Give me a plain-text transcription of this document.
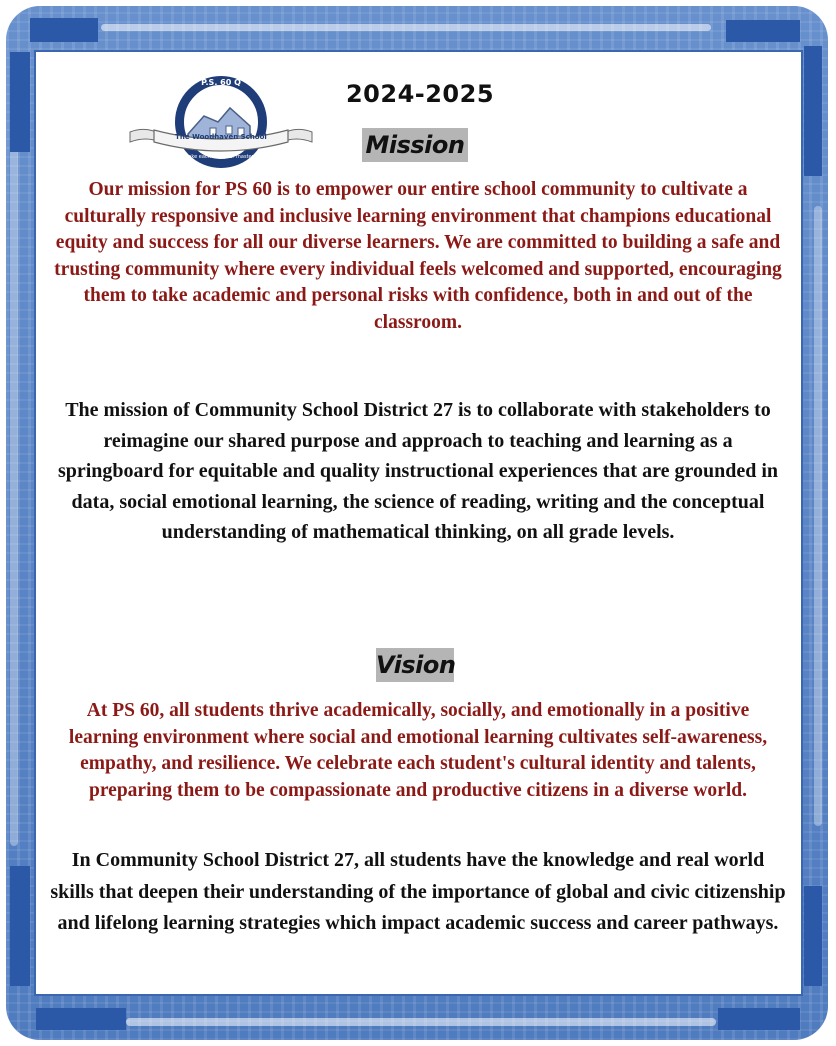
P.S. 60 Q
The Woodhaven School
Make each day your masterpiece
2024-2025
Mission

Our mission for PS 60 is to empower our entire school community to cultivate a culturally responsive and inclusive learning environment that champions educational equity and success for all our diverse learners. We are committed to building a safe and trusting community where every individual feels welcomed and supported, encouraging them to take academic and personal risks with confidence, both in and out of the classroom.

The mission of Community School District 27 is to collaborate with stakeholders to reimagine our shared purpose and approach to teaching and learning as a springboard for equitable and quality instructional experiences that are grounded in data, social emotional learning, the science of reading, writing and the conceptual understanding of mathematical thinking, on all grade levels.

Vision

At PS 60, all students thrive academically, socially, and emotionally in a positive learning environment where social and emotional learning cultivates self-awareness, empathy, and resilience. We celebrate each student's cultural identity and talents, preparing them to be compassionate and productive citizens in a diverse world.

In Community School District 27, all students have the knowledge and real world skills that deepen their understanding of the importance of global and civic citizenship and lifelong learning strategies which impact academic success and career pathways.
